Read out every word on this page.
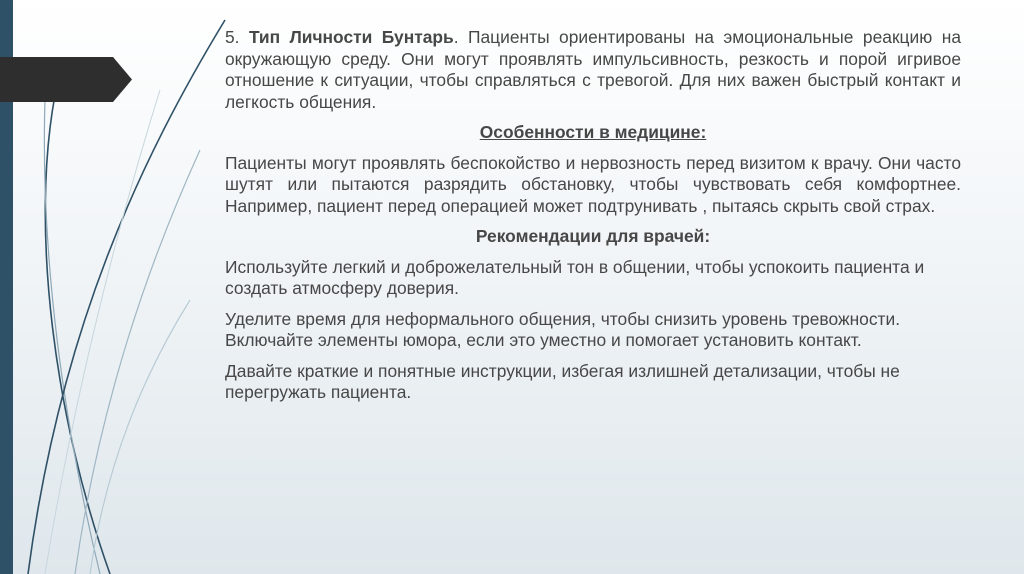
5. Тип Личности Бунтарь. Пациенты ориентированы на эмоциональные реакцию на окружающую среду. Они могут проявлять импульсивность, резкость и порой игривое отношение к ситуации, чтобы справляться с тревогой. Для них важен быстрый контакт и легкость общения.

Особенности в медицине:

Пациенты могут проявлять беспокойство и нервозность перед визитом к врачу. Они часто шутят или пытаются разрядить обстановку, чтобы чувствовать себя комфортнее. Например, пациент перед операцией может подтрунивать , пытаясь скрыть свой страх.

Рекомендации для врачей:

Используйте легкий и доброжелательный тон в общении, чтобы успокоить пациента и создать атмосферу доверия.

Уделите время для неформального общения, чтобы снизить уровень тревожности. Включайте элементы юмора, если это уместно и помогает установить контакт.

Давайте краткие и понятные инструкции, избегая излишней детализации, чтобы не перегружать пациента.
